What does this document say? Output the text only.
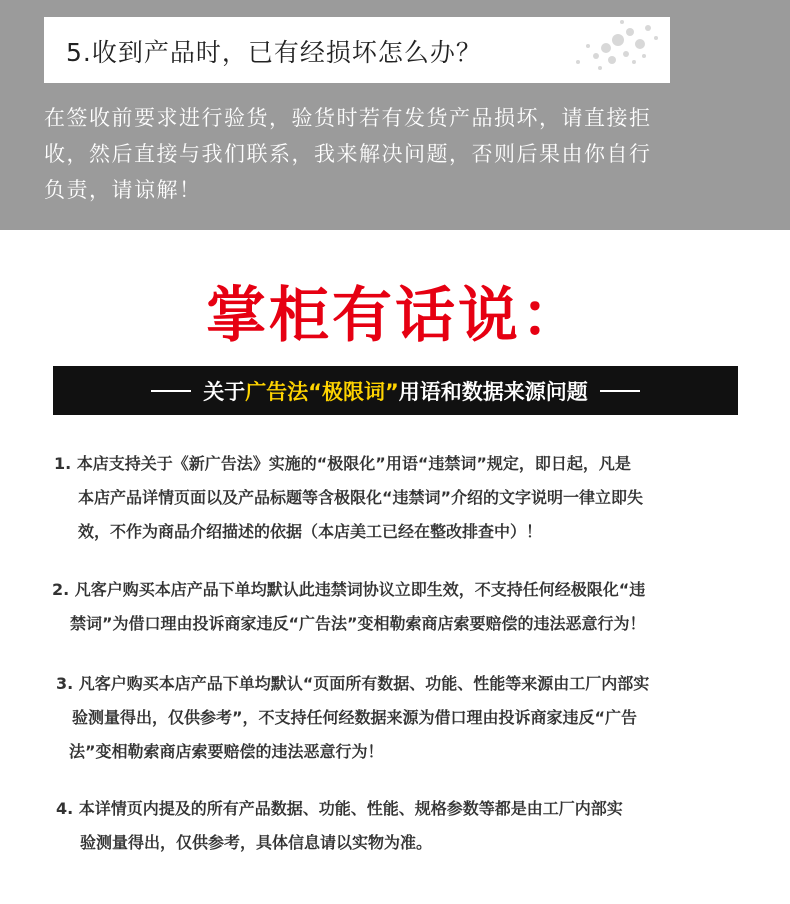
5.收到产品时，已有经损坏怎么办？
在签收前要求进行验货，验货时若有发货产品损坏，请直接拒
收，然后直接与我们联系，我来解决问题，否则后果由你自行
负责，请谅解！
掌柜有话说：
关于 广告法“极限词” 用语和数据来源问题
1. 本店支持关于《新广告法》实施的“极限化”用语“违禁词”规定，即日起，凡是
本店产品详情页面以及产品标题等含极限化“违禁词”介绍的文字说明一律立即失
效，不作为商品介绍描述的依据（本店美工已经在整改排查中）！
2. 凡客户购买本店产品下单均默认此违禁词协议立即生效，不支持任何经极限化“违
禁词”为借口理由投诉商家违反“广告法”变相勒索商店索要赔偿的违法恶意行为！
3. 凡客户购买本店产品下单均默认“页面所有数据、功能、性能等来源由工厂内部实
验测量得出，仅供参考”，不支持任何经数据来源为借口理由投诉商家违反“广告
法”变相勒索商店索要赔偿的违法恶意行为！
4. 本详情页内提及的所有产品数据、功能、性能、规格参数等都是由工厂内部实
验测量得出，仅供参考，具体信息请以实物为准。
